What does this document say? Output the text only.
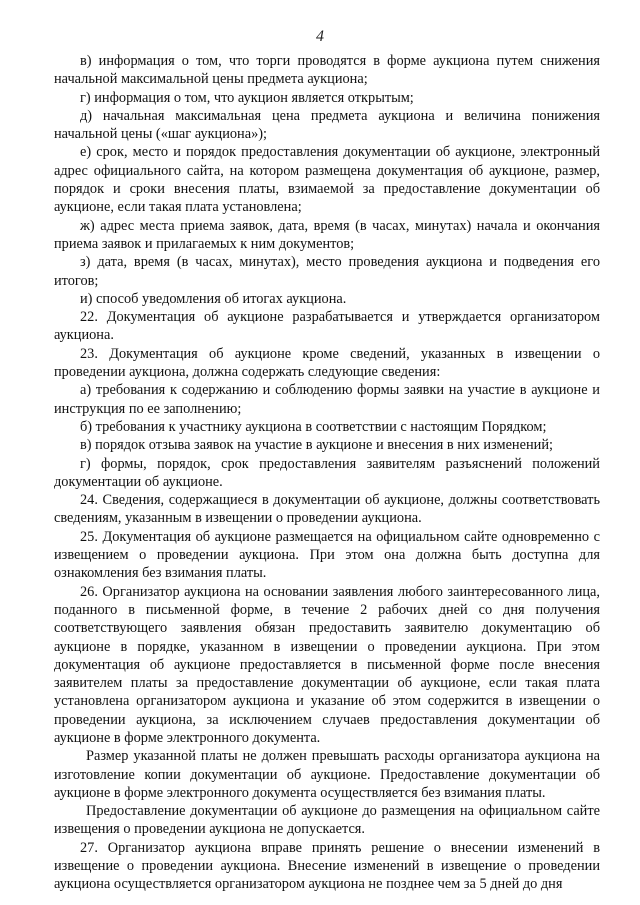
4

в) информация о том, что торги проводятся в форме аукциона путем снижения начальной максимальной цены предмета аукциона;

г) информация о том, что аукцион является открытым;

д) начальная максимальная цена предмета аукциона и величина понижения начальной цены («шаг аукциона»);

е) срок, место и порядок предоставления документации об аукционе, электронный адрес официального сайта, на котором размещена документация об аукционе, размер, порядок и сроки внесения платы, взимаемой за предоставление документации об аукционе, если такая плата установлена;

ж) адрес места приема заявок, дата, время (в часах, минутах) начала и окончания приема заявок и прилагаемых к ним документов;

з) дата, время (в часах, минутах), место проведения аукциона и подведения его итогов;

и) способ уведомления об итогах аукциона.

22. Документация об аукционе разрабатывается и утверждается организатором аукциона.

23. Документация об аукционе кроме сведений, указанных в извещении о проведении аукциона, должна содержать следующие сведения:

а) требования к содержанию и соблюдению формы заявки на участие в аукционе и инструкция по ее заполнению;

б) требования к участнику аукциона в соответствии с настоящим Порядком;

в) порядок отзыва заявок на участие в аукционе и внесения в них изменений;

г) формы, порядок, срок предоставления заявителям разъяснений положений документации об аукционе.

24. Сведения, содержащиеся в документации об аукционе, должны соответствовать сведениям, указанным в извещении о проведении аукциона.

25. Документация об аукционе размещается на официальном сайте одновременно с извещением о проведении аукциона. При этом она должна быть доступна для ознакомления без взимания платы.

26. Организатор аукциона на основании заявления любого заинтересованного лица, поданного в письменной форме, в течение 2 рабочих дней со дня получения соответствующего заявления обязан предоставить заявителю документацию об аукционе в порядке, указанном в извещении о проведении аукциона. При этом документация об аукционе предоставляется в письменной форме после внесения заявителем платы за предоставление документации об аукционе, если такая плата установлена организатором аукциона и указание об этом содержится в извещении о проведении аукциона, за исключением случаев предоставления документации об аукционе в форме электронного документа.

Размер указанной платы не должен превышать расходы организатора аукциона на изготовление копии документации об аукционе. Предоставление документации об аукционе в форме электронного документа осуществляется без взимания платы.

Предоставление документации об аукционе до размещения на официальном сайте извещения о проведении аукциона не допускается.

27. Организатор аукциона вправе принять решение о внесении изменений в извещение о проведении аукциона. Внесение изменений в извещение о проведении аукциона осуществляется организатором аукциона не позднее чем за 5 дней до дня
